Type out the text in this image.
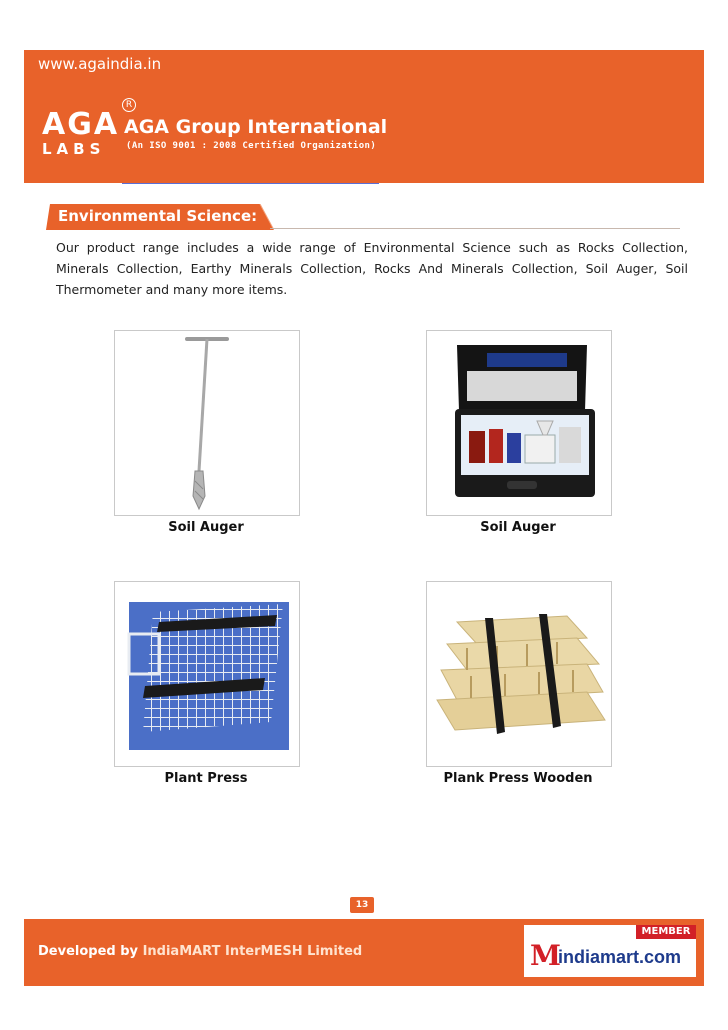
www.againdia.in
AGA
LABS
R
AGA Group International
(An ISO 9001 : 2008 Certified Organization)
Environmental Science:
Our product range includes a wide range of Environmental Science such as Rocks Collection, Minerals Collection, Earthy Minerals Collection, Rocks And Minerals Collection, Soil Auger, Soil Thermometer and many more items.
Soil Auger	Soil Auger
Plant Press	Plank Press Wooden
13
Developed by IndiaMART InterMESH Limited
MEMBER
M
indiamart.com
